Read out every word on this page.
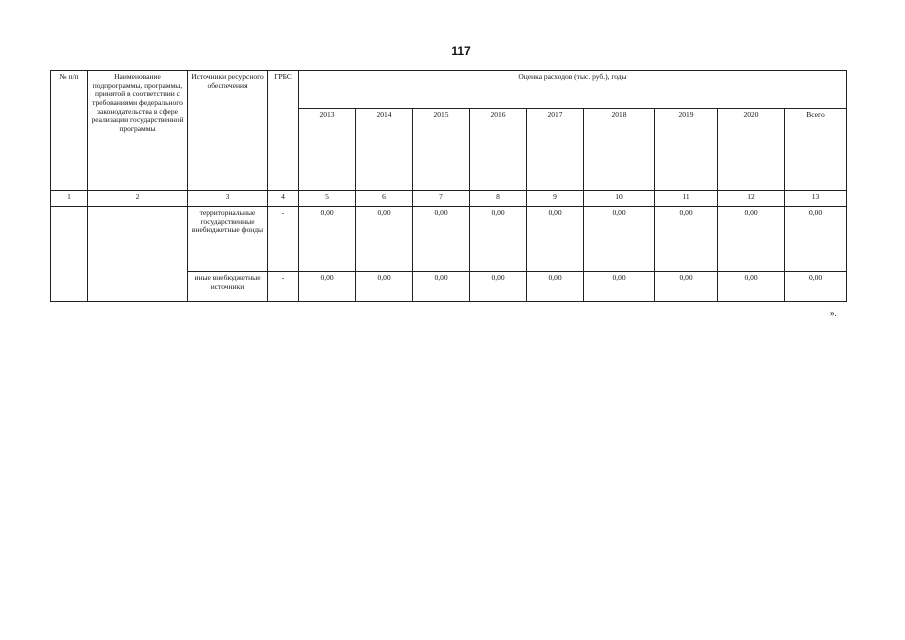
117
№ п/п	Наименование подпрограммы, программы, принятой в соответствии с требованиями федерального законодательства в сфере реализации государственной программы	Источники ресурсного обеспечения	ГРБС	Оценка расходов (тыс. руб.), годы								
				2013	2014	2015	2016	2017	2018	2019	2020	Всего
1	2	3	4	5	6	7	8	9	10	11	12	13
		территориальные государственные внебюджетные фонды	-	0,00	0,00	0,00	0,00	0,00	0,00	0,00	0,00	0,00
		иные внебюджетные источники	-	0,00	0,00	0,00	0,00	0,00	0,00	0,00	0,00	0,00
».
